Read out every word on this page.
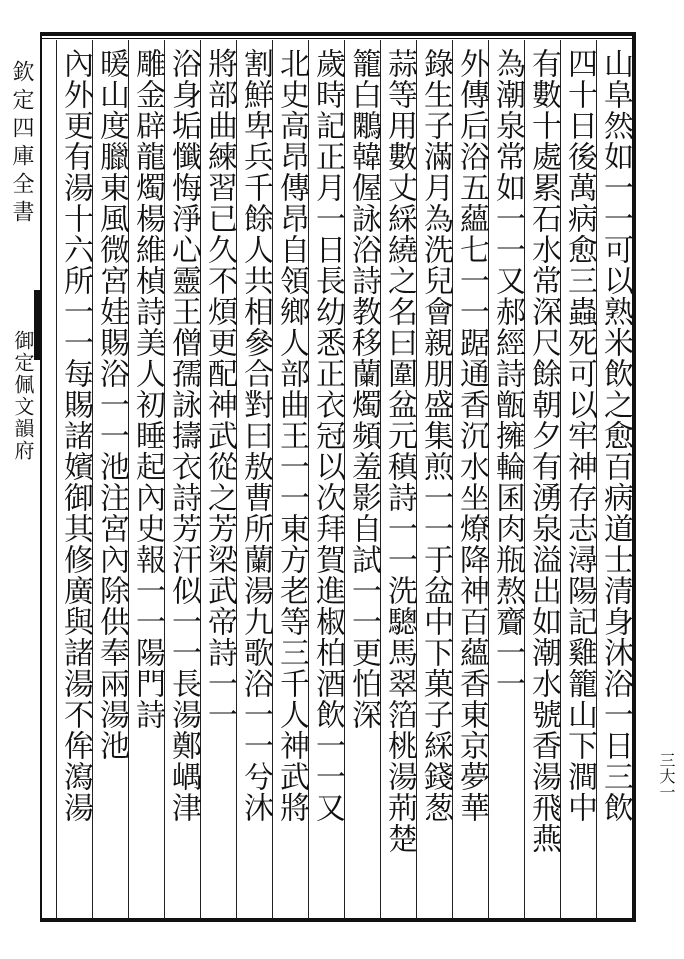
欽定四庫全書
御定佩文韻府
三大一
山阜然如一一可以熟米飲之愈百病道士清身沐浴一日三飲
四十日後萬病愈三蟲死可以牢神存志潯陽記雞籠山下澗中
有數十處累石水常深尺餘朝夕有湧泉溢出如潮水號香湯飛燕
為潮泉常如一一又郝經詩甑擁輪囷肉瓶熬齎一一
外傳后浴五蘊七一一踞通香沉水坐燎降神百蘊香東京夢華
錄生子滿月為洗兒會親朋盛集煎一一于盆中下菓子綵錢葱
蒜等用數丈綵繞之名曰圍盆元稹詩一一洗驄馬翠箔桃湯荊楚
籠白鷴韓偓詠浴詩教移蘭燭頻羞影自試一一更怕深
歲時記正月一日長幼悉正衣冠以次拜賀進椒柏酒飲一一又
北史高昂傳昂自領鄉人部曲王一一東方老等三千人神武將
割鮮卑兵千餘人共相參合對曰敖曹所蘭湯九歌浴一一兮沐
將部曲練習已久不煩更配神武從之芳梁武帝詩一一
浴身垢懺悔淨心靈王僧孺詠擣衣詩芳汗似一一長湯鄭嵎津
雕金辟龍燭楊維楨詩美人初睡起內史報一一陽門詩
暖山度臘東風微宮娃賜浴一一池注宮內除供奉兩湯池
內外更有湯十六所一一每賜諸嬪御其修廣與諸湯不侔瀉湯
